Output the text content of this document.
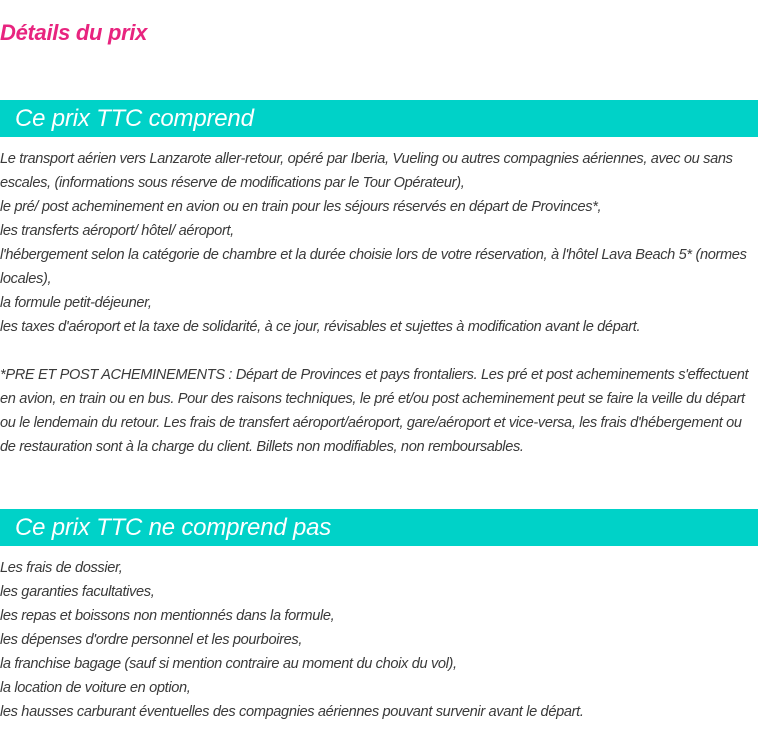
Détails du prix
Ce prix TTC comprend

Le transport aérien vers Lanzarote aller-retour, opéré par Iberia, Vueling ou autres compagnies aériennes, avec ou sans escales, (informations sous réserve de modifications par le Tour Opérateur),

le pré/ post acheminement en avion ou en train pour les séjours réservés en départ de Provinces*,

les transferts aéroport/ hôtel/ aéroport,

l'hébergement selon la catégorie de chambre et la durée choisie lors de votre réservation, à l'hôtel Lava Beach 5* (normes locales),

la formule petit-déjeuner,

les taxes d'aéroport et la taxe de solidarité, à ce jour, révisables et sujettes à modification avant le départ.

*PRE ET POST ACHEMINEMENTS : Départ de Provinces et pays frontaliers. Les pré et post acheminements s'effectuent en avion, en train ou en bus. Pour des raisons techniques, le pré et/ou post acheminement peut se faire la veille du départ ou le lendemain du retour. Les frais de transfert aéroport/aéroport, gare/aéroport et vice-versa, les frais d'hébergement ou de restauration sont à la charge du client. Billets non modifiables, non remboursables.

Ce prix TTC ne comprend pas

Les frais de dossier,

les garanties facultatives,

les repas et boissons non mentionnés dans la formule,

les dépenses d'ordre personnel et les pourboires,

la franchise bagage (sauf si mention contraire au moment du choix du vol),

la location de voiture en option,

les hausses carburant éventuelles des compagnies aériennes pouvant survenir avant le départ.
